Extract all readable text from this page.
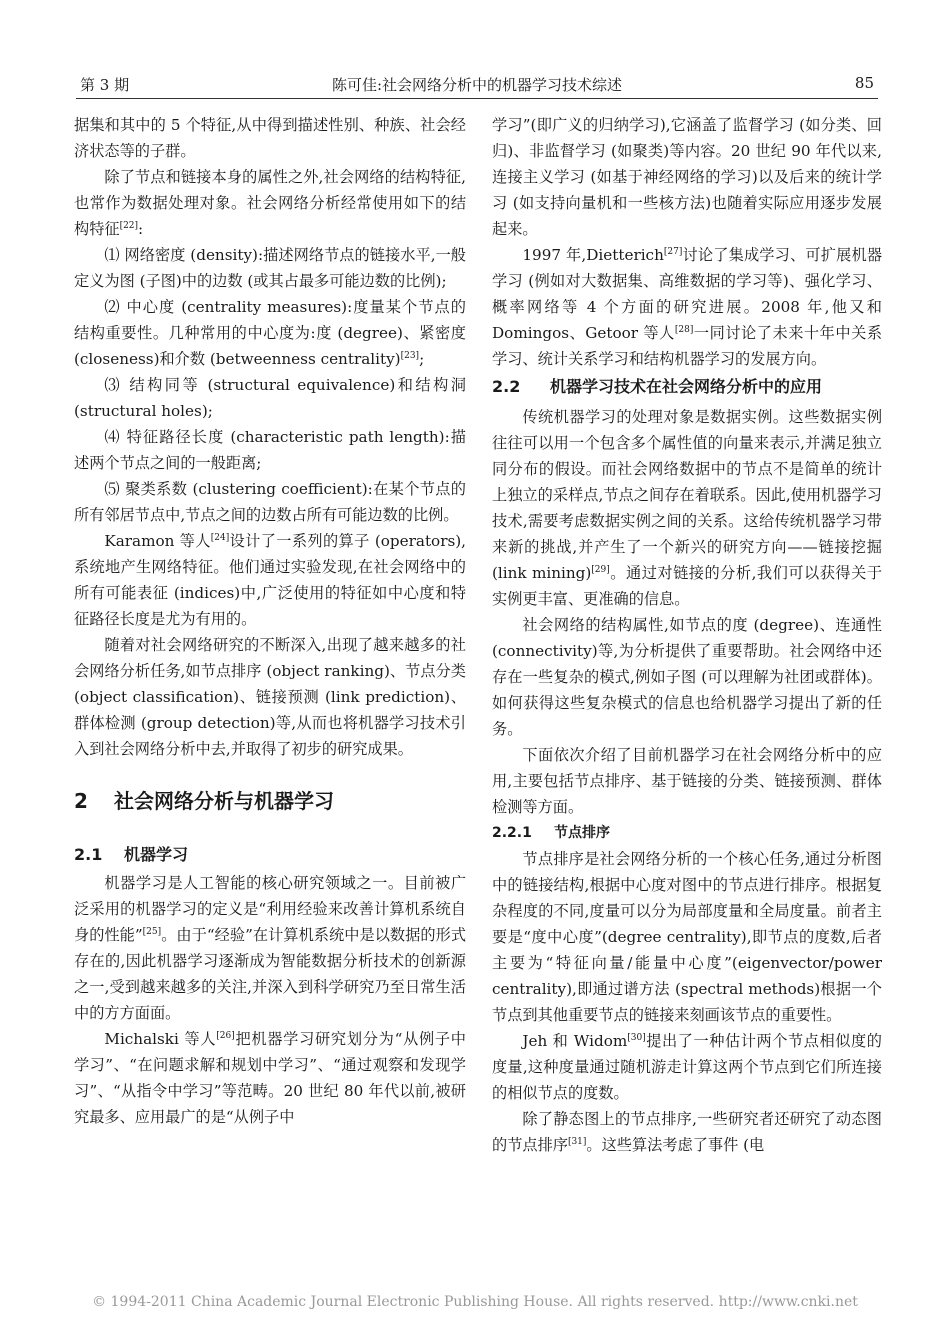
第 3 期	陈可佳:社会网络分析中的机器学习技术综述	85

据集和其中的 5 个特征,从中得到描述性别、种族、社会经济状态等的子群。

除了节点和链接本身的属性之外,社会网络的结构特征,也常作为数据处理对象。社会网络分析经常使用如下的结构特征[22]:

⑴ 网络密度 (density):描述网络节点的链接水平,一般定义为图 (子图)中的边数 (或其占最多可能边数的比例);

⑵ 中心度 (centrality measures):度量某个节点的结构重要性。几种常用的中心度为:度 (degree)、紧密度 (closeness)和介数 (betweenness centrality)[23];

⑶ 结构同等 (structural equivalence)和结构洞 (structural holes);

⑷ 特征路径长度 (characteristic path length):描述两个节点之间的一般距离;

⑸ 聚类系数 (clustering coefficient):在某个节点的所有邻居节点中,节点之间的边数占所有可能边数的比例。

Karamon 等人[24]设计了一系列的算子 (operators),系统地产生网络特征。他们通过实验发现,在社会网络中的所有可能表征 (indices)中,广泛使用的特征如中心度和特征路径长度是尤为有用的。

随着对社会网络研究的不断深入,出现了越来越多的社会网络分析任务,如节点排序 (object ranking)、节点分类 (object classification)、链接预测 (link prediction)、群体检测 (group detection)等,从而也将机器学习技术引入到社会网络分析中去,并取得了初步的研究成果。

2 社会网络分析与机器学习
2.1 机器学习

机器学习是人工智能的核心研究领域之一。目前被广泛采用的机器学习的定义是“利用经验来改善计算机系统自身的性能”[25]。由于“经验”在计算机系统中是以数据的形式存在的,因此机器学习逐渐成为智能数据分析技术的创新源之一,受到越来越多的关注,并深入到科学研究乃至日常生活中的方方面面。

Michalski 等人[26]把机器学习研究划分为“从例子中学习”、“在问题求解和规划中学习”、“通过观察和发现学习”、“从指令中学习”等范畴。20 世纪 80 年代以前,被研究最多、应用最广的是“从例子中

学习”(即广义的归纳学习),它涵盖了监督学习 (如分类、回归)、非监督学习 (如聚类)等内容。20 世纪 90 年代以来,连接主义学习 (如基于神经网络的学习)以及后来的统计学习 (如支持向量机和一些核方法)也随着实际应用逐步发展起来。

1997 年,Dietterich[27]讨论了集成学习、可扩展机器学习 (例如对大数据集、高维数据的学习等)、强化学习、概率网络等 4 个方面的研究进展。2008 年,他又和 Domingos、Getoor 等人[28]一同讨论了未来十年中关系学习、统计关系学习和结构机器学习的发展方向。

2.2 机器学习技术在社会网络分析中的应用

传统机器学习的处理对象是数据实例。这些数据实例往往可以用一个包含多个属性值的向量来表示,并满足独立同分布的假设。而社会网络数据中的节点不是简单的统计上独立的采样点,节点之间存在着联系。因此,使用机器学习技术,需要考虑数据实例之间的关系。这给传统机器学习带来新的挑战,并产生了一个新兴的研究方向——链接挖掘 (link mining)[29]。通过对链接的分析,我们可以获得关于实例更丰富、更准确的信息。

社会网络的结构属性,如节点的度 (degree)、连通性 (connectivity)等,为分析提供了重要帮助。社会网络中还存在一些复杂的模式,例如子图 (可以理解为社团或群体)。如何获得这些复杂模式的信息也给机器学习提出了新的任务。

下面依次介绍了目前机器学习在社会网络分析中的应用,主要包括节点排序、基于链接的分类、链接预测、群体检测等方面。

2.2.1 节点排序

节点排序是社会网络分析的一个核心任务,通过分析图中的链接结构,根据中心度对图中的节点进行排序。根据复杂程度的不同,度量可以分为局部度量和全局度量。前者主要是“度中心度”(degree centrality),即节点的度数,后者主要为“特征向量/能量中心度”(eigenvector/power centrality),即通过谱方法 (spectral methods)根据一个节点到其他重要节点的链接来刻画该节点的重要性。

Jeh 和 Widom[30]提出了一种估计两个节点相似度的度量,这种度量通过随机游走计算这两个节点到它们所连接的相似节点的度数。

除了静态图上的节点排序,一些研究者还研究了动态图的节点排序[31]。这些算法考虑了事件 (电

© 1994-2011 China Academic Journal Electronic Publishing House. All rights reserved. http://www.cnki.net
